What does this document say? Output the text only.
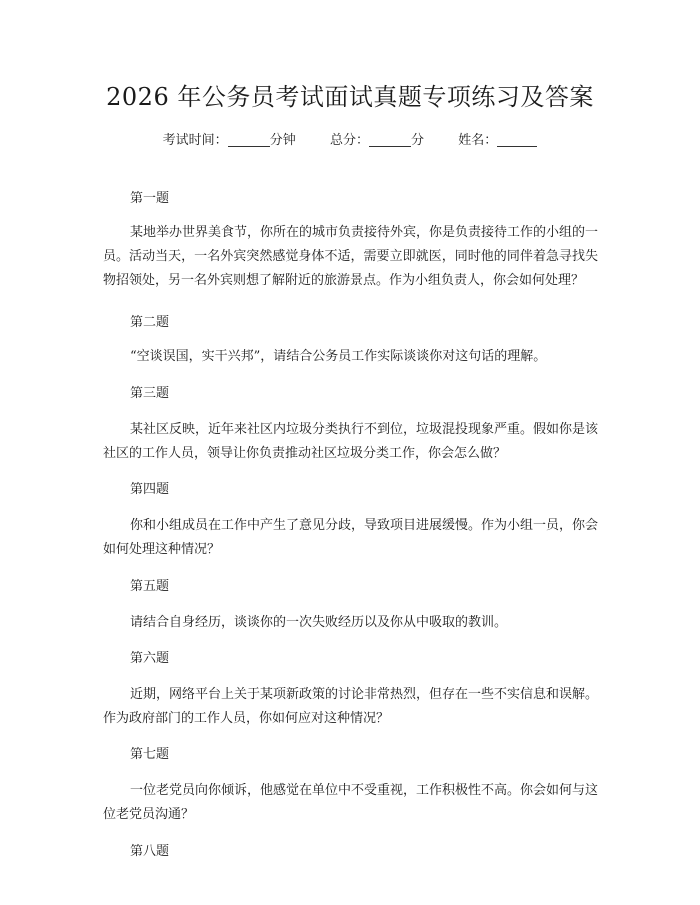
2026 年公务员考试面试真题专项练习及答案
考试时间：	分钟	总分：	分	姓名：

第一题

某地举办世界美食节，你所在的城市负责接待外宾，你是负责接待工作的小组的一员。活动当天，一名外宾突然感觉身体不适，需要立即就医，同时他的同伴着急寻找失物招领处，另一名外宾则想了解附近的旅游景点。作为小组负责人，你会如何处理？

第二题

“空谈误国，实干兴邦”，请结合公务员工作实际谈谈你对这句话的理解。

第三题

某社区反映，近年来社区内垃圾分类执行不到位，垃圾混投现象严重。假如你是该社区的工作人员，领导让你负责推动社区垃圾分类工作，你会怎么做？

第四题

你和小组成员在工作中产生了意见分歧，导致项目进展缓慢。作为小组一员，你会如何处理这种情况？

第五题

请结合自身经历，谈谈你的一次失败经历以及你从中吸取的教训。

第六题

近期，网络平台上关于某项新政策的讨论非常热烈，但存在一些不实信息和误解。作为政府部门的工作人员，你如何应对这种情况？

第七题

一位老党员向你倾诉，他感觉在单位中不受重视，工作积极性不高。你会如何与这位老党员沟通？

第八题
